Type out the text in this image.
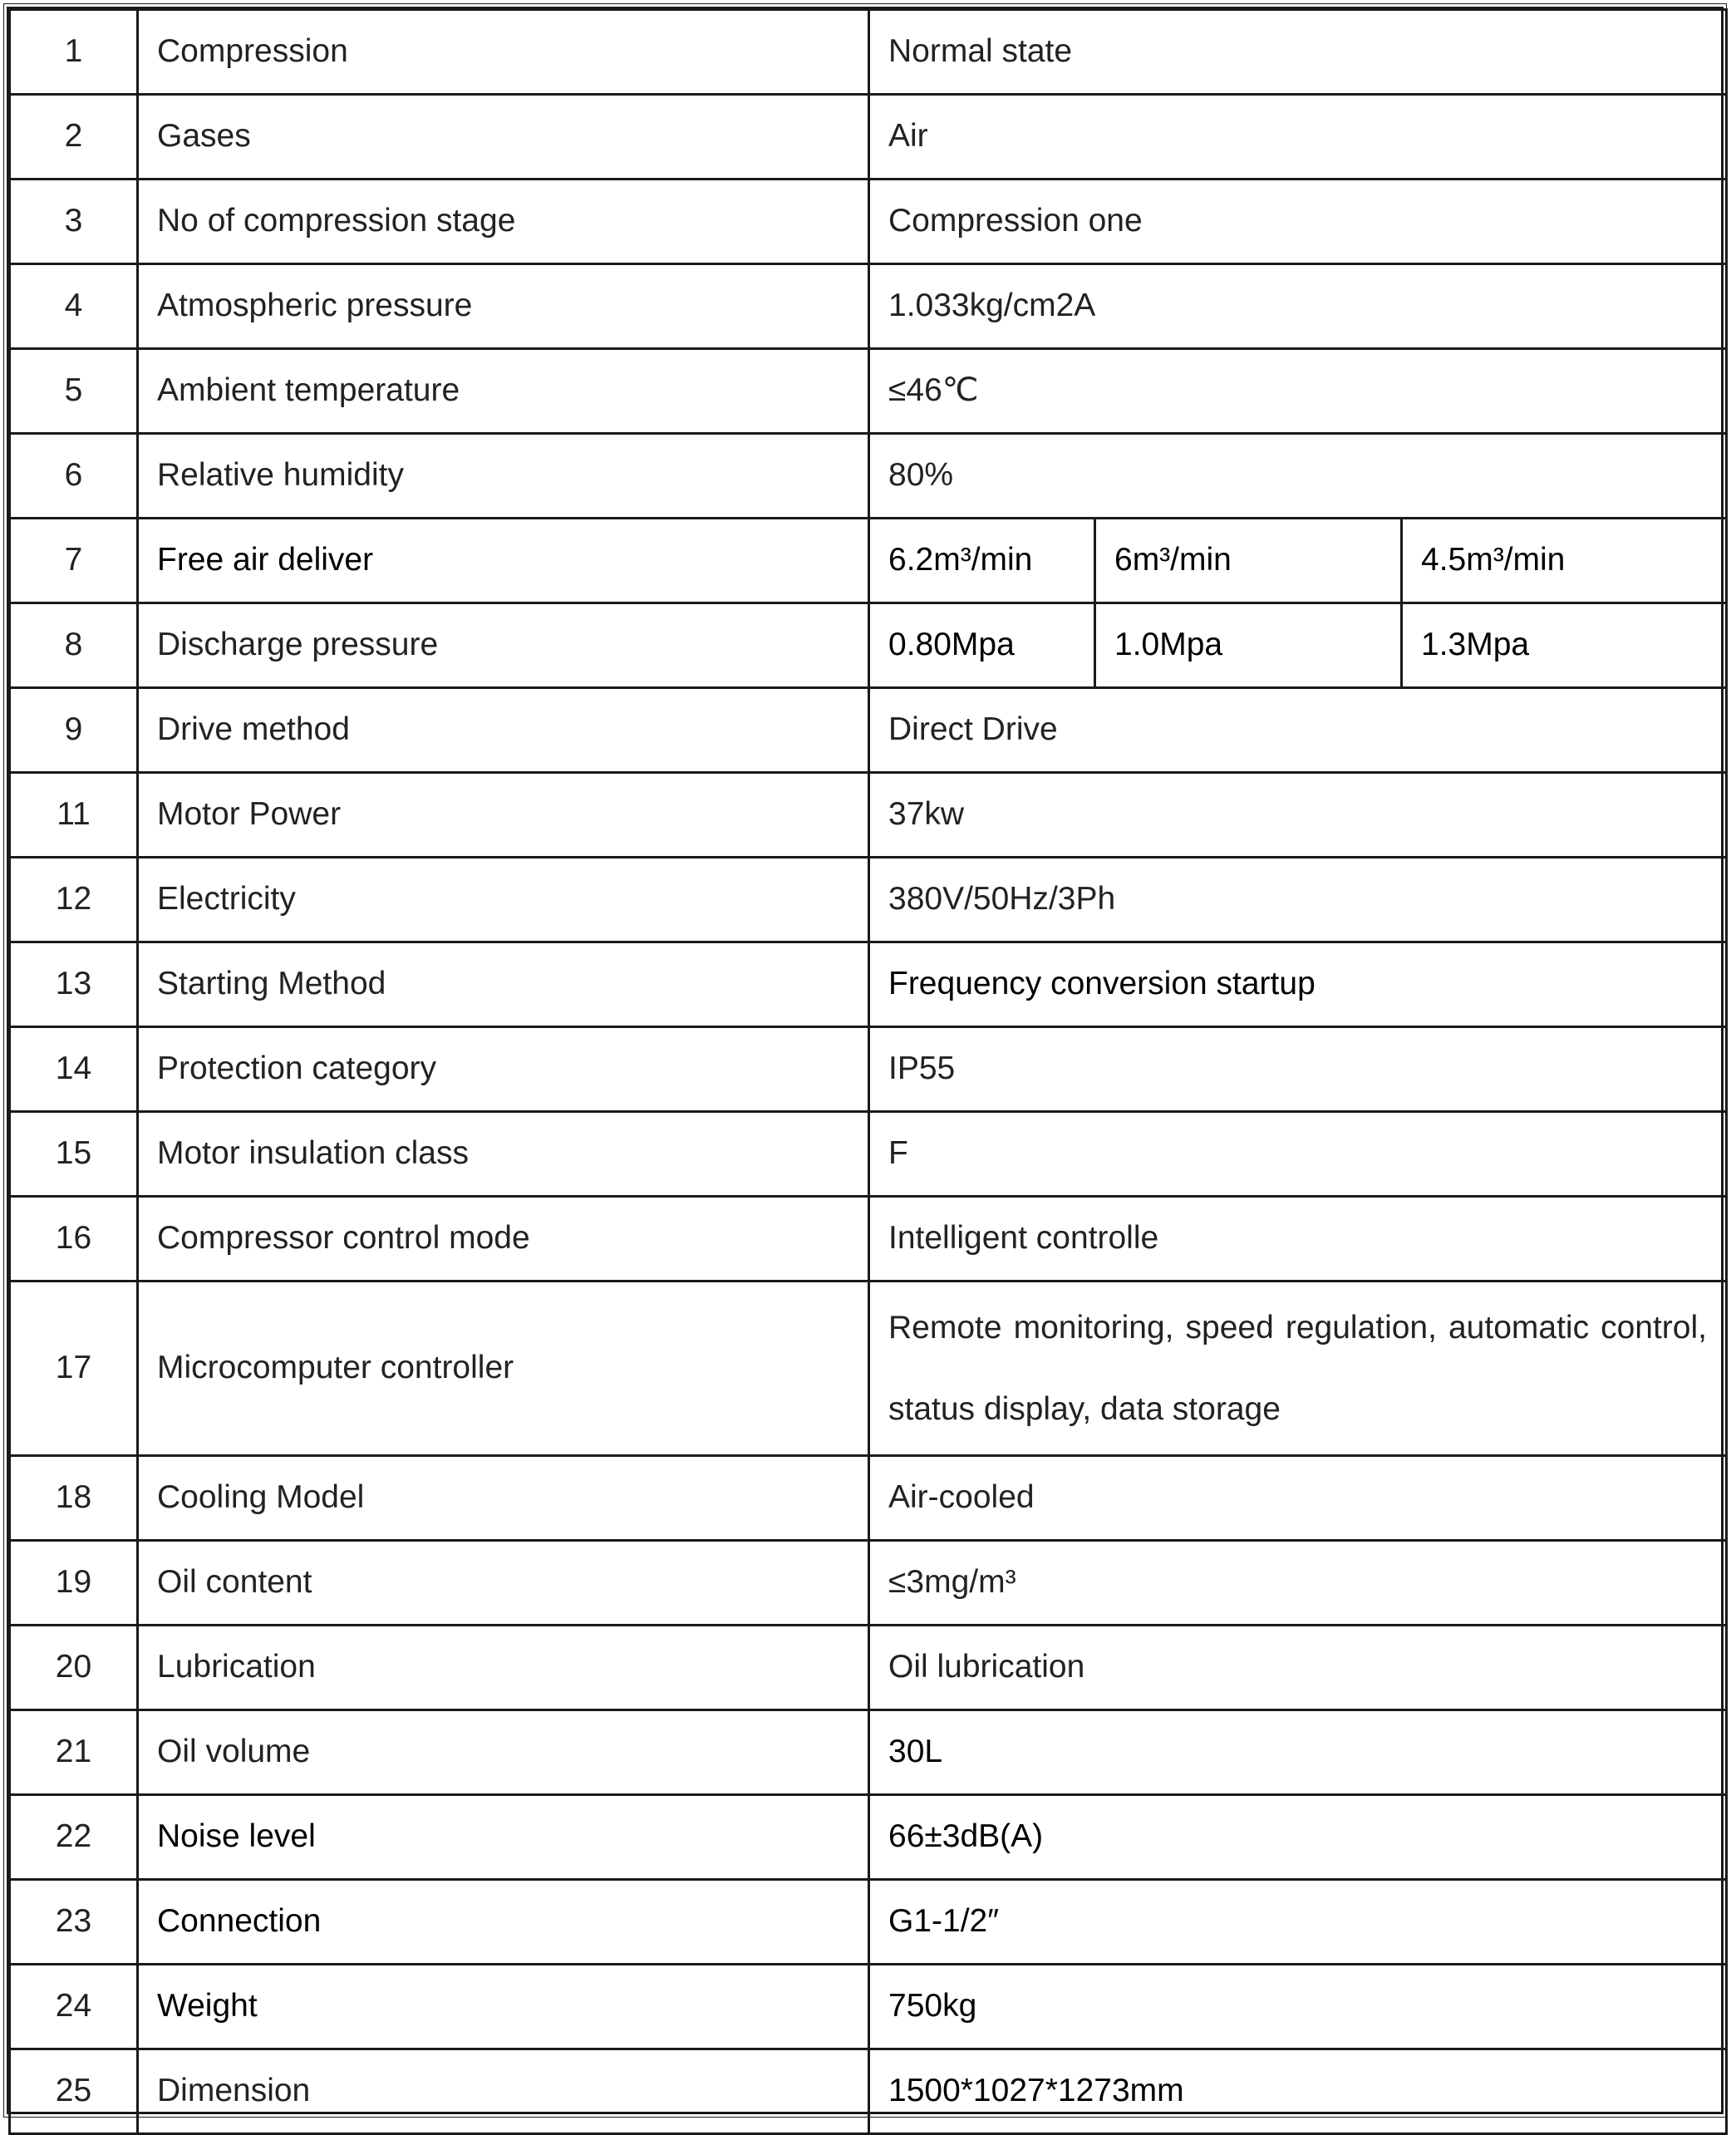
1	Compression	Normal state		
2	Gases	Air		
3	No of compression stage	Compression one		
4	Atmospheric pressure	1.033kg/cm2A		
5	Ambient temperature	≤46℃		
6	Relative humidity	80%		
7	Free air deliver	6.2m³/min	6m³/min	4.5m³/min
8	Discharge pressure	0.80Mpa	1.0Mpa	1.3Mpa
9	Drive method	Direct Drive		
11	Motor Power	37kw		
12	Electricity	380V/50Hz/3Ph		
13	Starting Method	Frequency conversion startup		
14	Protection category	IP55		
15	Motor insulation class	F		
16	Compressor control mode	Intelligent controlle		
17	Microcomputer controller	Remote monitoring, speed regulation, automatic control, status display, data storage		
18	Cooling Model	Air-cooled		
19	Oil content	≤3mg/m³		
20	Lubrication	Oil lubrication		
21	Oil volume	30L		
22	Noise level	66±3dB(A)		
23	Connection	G1-1/2″		
24	Weight	750kg		
25	Dimension	1500*1027*1273mm		
